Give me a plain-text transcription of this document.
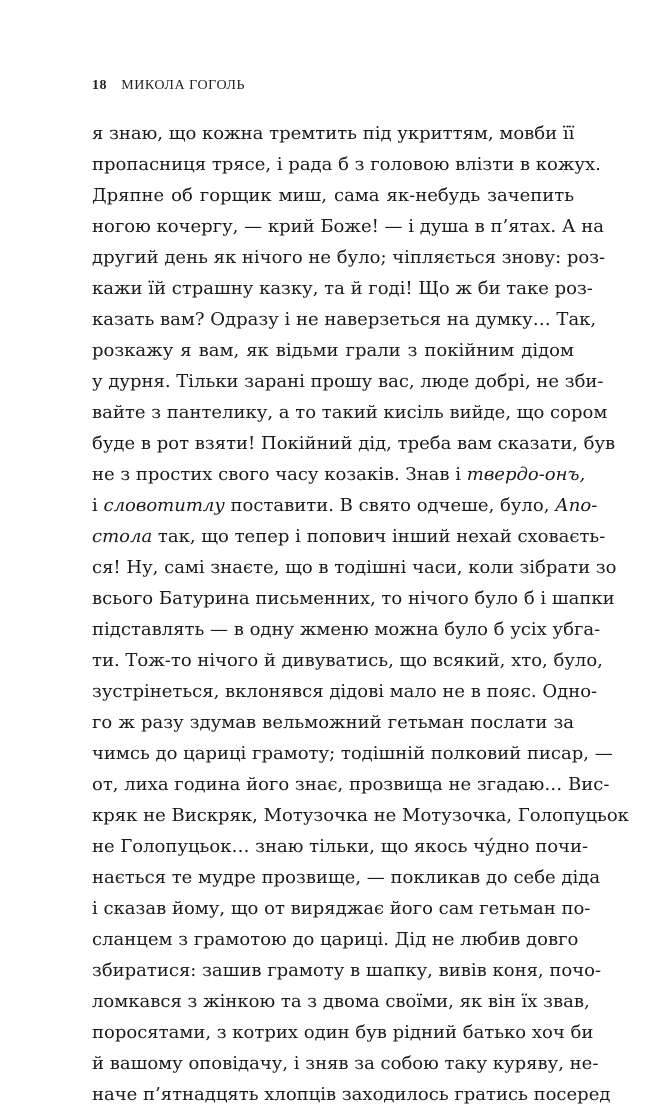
18 МИКОЛА ГОГОЛЬ
я знаю, що кожна тремтить під укриттям, мовби її
пропасниця трясе, і рада б з головою влізти в кожух.
Дряпне об горщик миш, сама як-небудь зачепить
ногою кочергу, — крий Боже! — і душа в п’ятах. А на
другий день як нічого не було; чіпляється знову: роз-
кажи їй страшну казку, та й годі! Що ж би таке роз-
казать вам? Одразу і не наверзеться на думку… Так,
розкажу я вам, як відьми грали з покійним дідом
у дурня. Тільки зарані прошу вас, люде добрі, не зби-
вайте з пантелику, а то такий кисіль вийде, що сором
буде в рот взяти! Покійний дід, треба вам сказати, був
не з простих свого часу козаків. Знав і твердо-онъ,
і словотитлу поставити. В свято одчеше, було, Апо-
стола так, що тепер і попович інший нехай сховаєть-
ся! Ну, самі знаєте, що в тодішні часи, коли зібрати зо
всього Батурина письменних, то нічого було б і шапки
підставлять — в одну жменю можна було б усіх убга-
ти. Тож-то нічого й дивуватись, що всякий, хто, було,
зустрінеться, вклонявся дідові мало не в пояс. Одно-
го ж разу здумав вельможний гетьман послати за
чимсь до цариці грамоту; тодішній полковий писар, —
от, лиха година його знає, прозвища не згадаю… Вис-
кряк не Вискряк, Мотузочка не Мотузочка, Голопуцьок
не Голопуцьок… знаю тільки, що якось чу́дно почи-
нається те мудре прозвище, — покликав до себе діда
і сказав йому, що от виряджає його сам гетьман по-
сланцем з грамотою до цариці. Дід не любив довго
збиратися: зашив грамоту в шапку, вивів коня, почо-
ломкався з жінкою та з двома своїми, як він їх звав,
поросятами, з котрих один був рідний батько хоч би
й вашому оповідачу, і зняв за собою таку куряву, не-
наче п’ятнадцять хлопців заходилось гратись посеред
